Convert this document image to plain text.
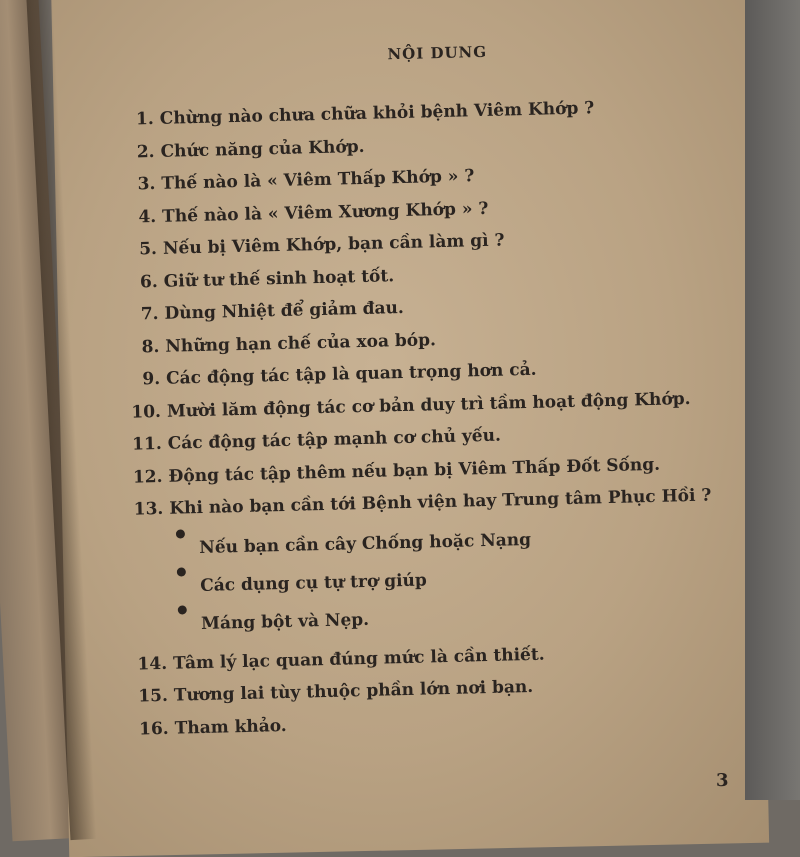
NỘI DUNG
1. Chừng nào chưa chữa khỏi bệnh Viêm Khớp ?
2. Chức năng của Khớp.
3. Thế nào là « Viêm Thấp Khớp » ?
4. Thế nào là « Viêm Xương Khớp » ?
5. Nếu bị Viêm Khớp, bạn cần làm gì ?
6. Giữ tư thế sinh hoạt tốt.
7. Dùng Nhiệt để giảm đau.
8. Những hạn chế của xoa bóp.
9. Các động tác tập là quan trọng hơn cả.
10. Mười lăm động tác cơ bản duy trì tầm hoạt động Khớp.
11. Các động tác tập mạnh cơ chủ yếu.
12. Động tác tập thêm nếu bạn bị Viêm Thấp Đốt Sống.
13. Khi nào bạn cần tới Bệnh viện hay Trung tâm Phục Hồi ?
Nếu bạn cần cây Chống hoặc Nạng
Các dụng cụ tự trợ giúp
Máng bột và Nẹp.
14. Tâm lý lạc quan đúng mức là cần thiết.
15. Tương lai tùy thuộc phần lớn nơi bạn.
16. Tham khảo.
3
